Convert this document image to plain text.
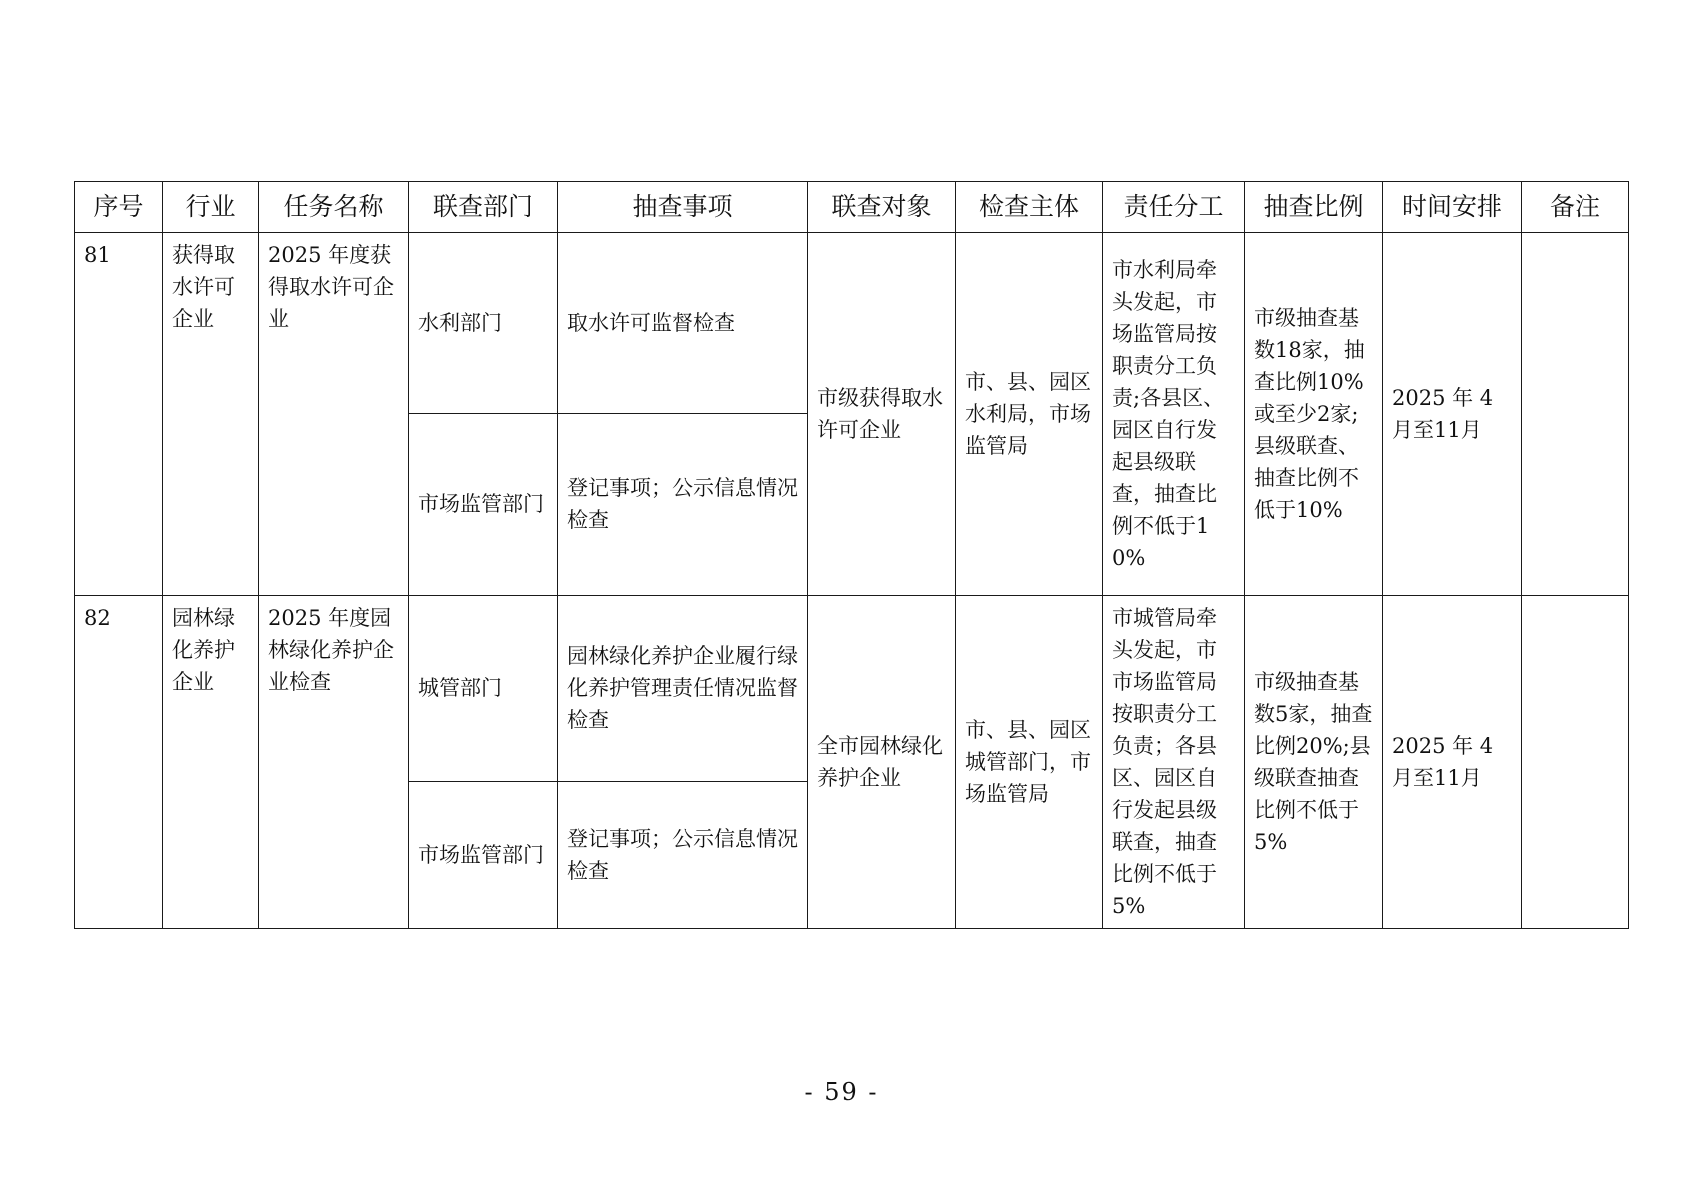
序号	行业	任务名称	联查部门	抽查事项	联查对象	检查主体	责任分工	抽查比例	时间安排	备注
81	获得取水许可企业	2025 年度获得取水许可企业	水利部门	取水许可监督检查	市级获得取水许可企业	市、县、园区水利局，市场监管局	市水利局牵头发起，市场监管局按职责分工负责;各县区、园区自行发起县级联查，抽查比例不低于10%	市级抽查基数18家，抽查比例10%或至少2家;县级联查、抽查比例不低于10%	2025 年 4 月至11月	
			市场监管部门	登记事项；公示信息情况检查						
82	园林绿化养护企业	2025 年度园林绿化养护企业检查	城管部门	园林绿化养护企业履行绿化养护管理责任情况监督检查	全市园林绿化养护企业	市、县、园区城管部门，市场监管局	市城管局牵头发起，市市场监管局按职责分工负责；各县区、园区自行发起县级联查，抽查比例不低于5%	市级抽查基数5家，抽查比例20%;县级联查抽查比例不低于5%	2025 年 4 月至11月	
			市场监管部门	登记事项；公示信息情况检查						
- 59 -
